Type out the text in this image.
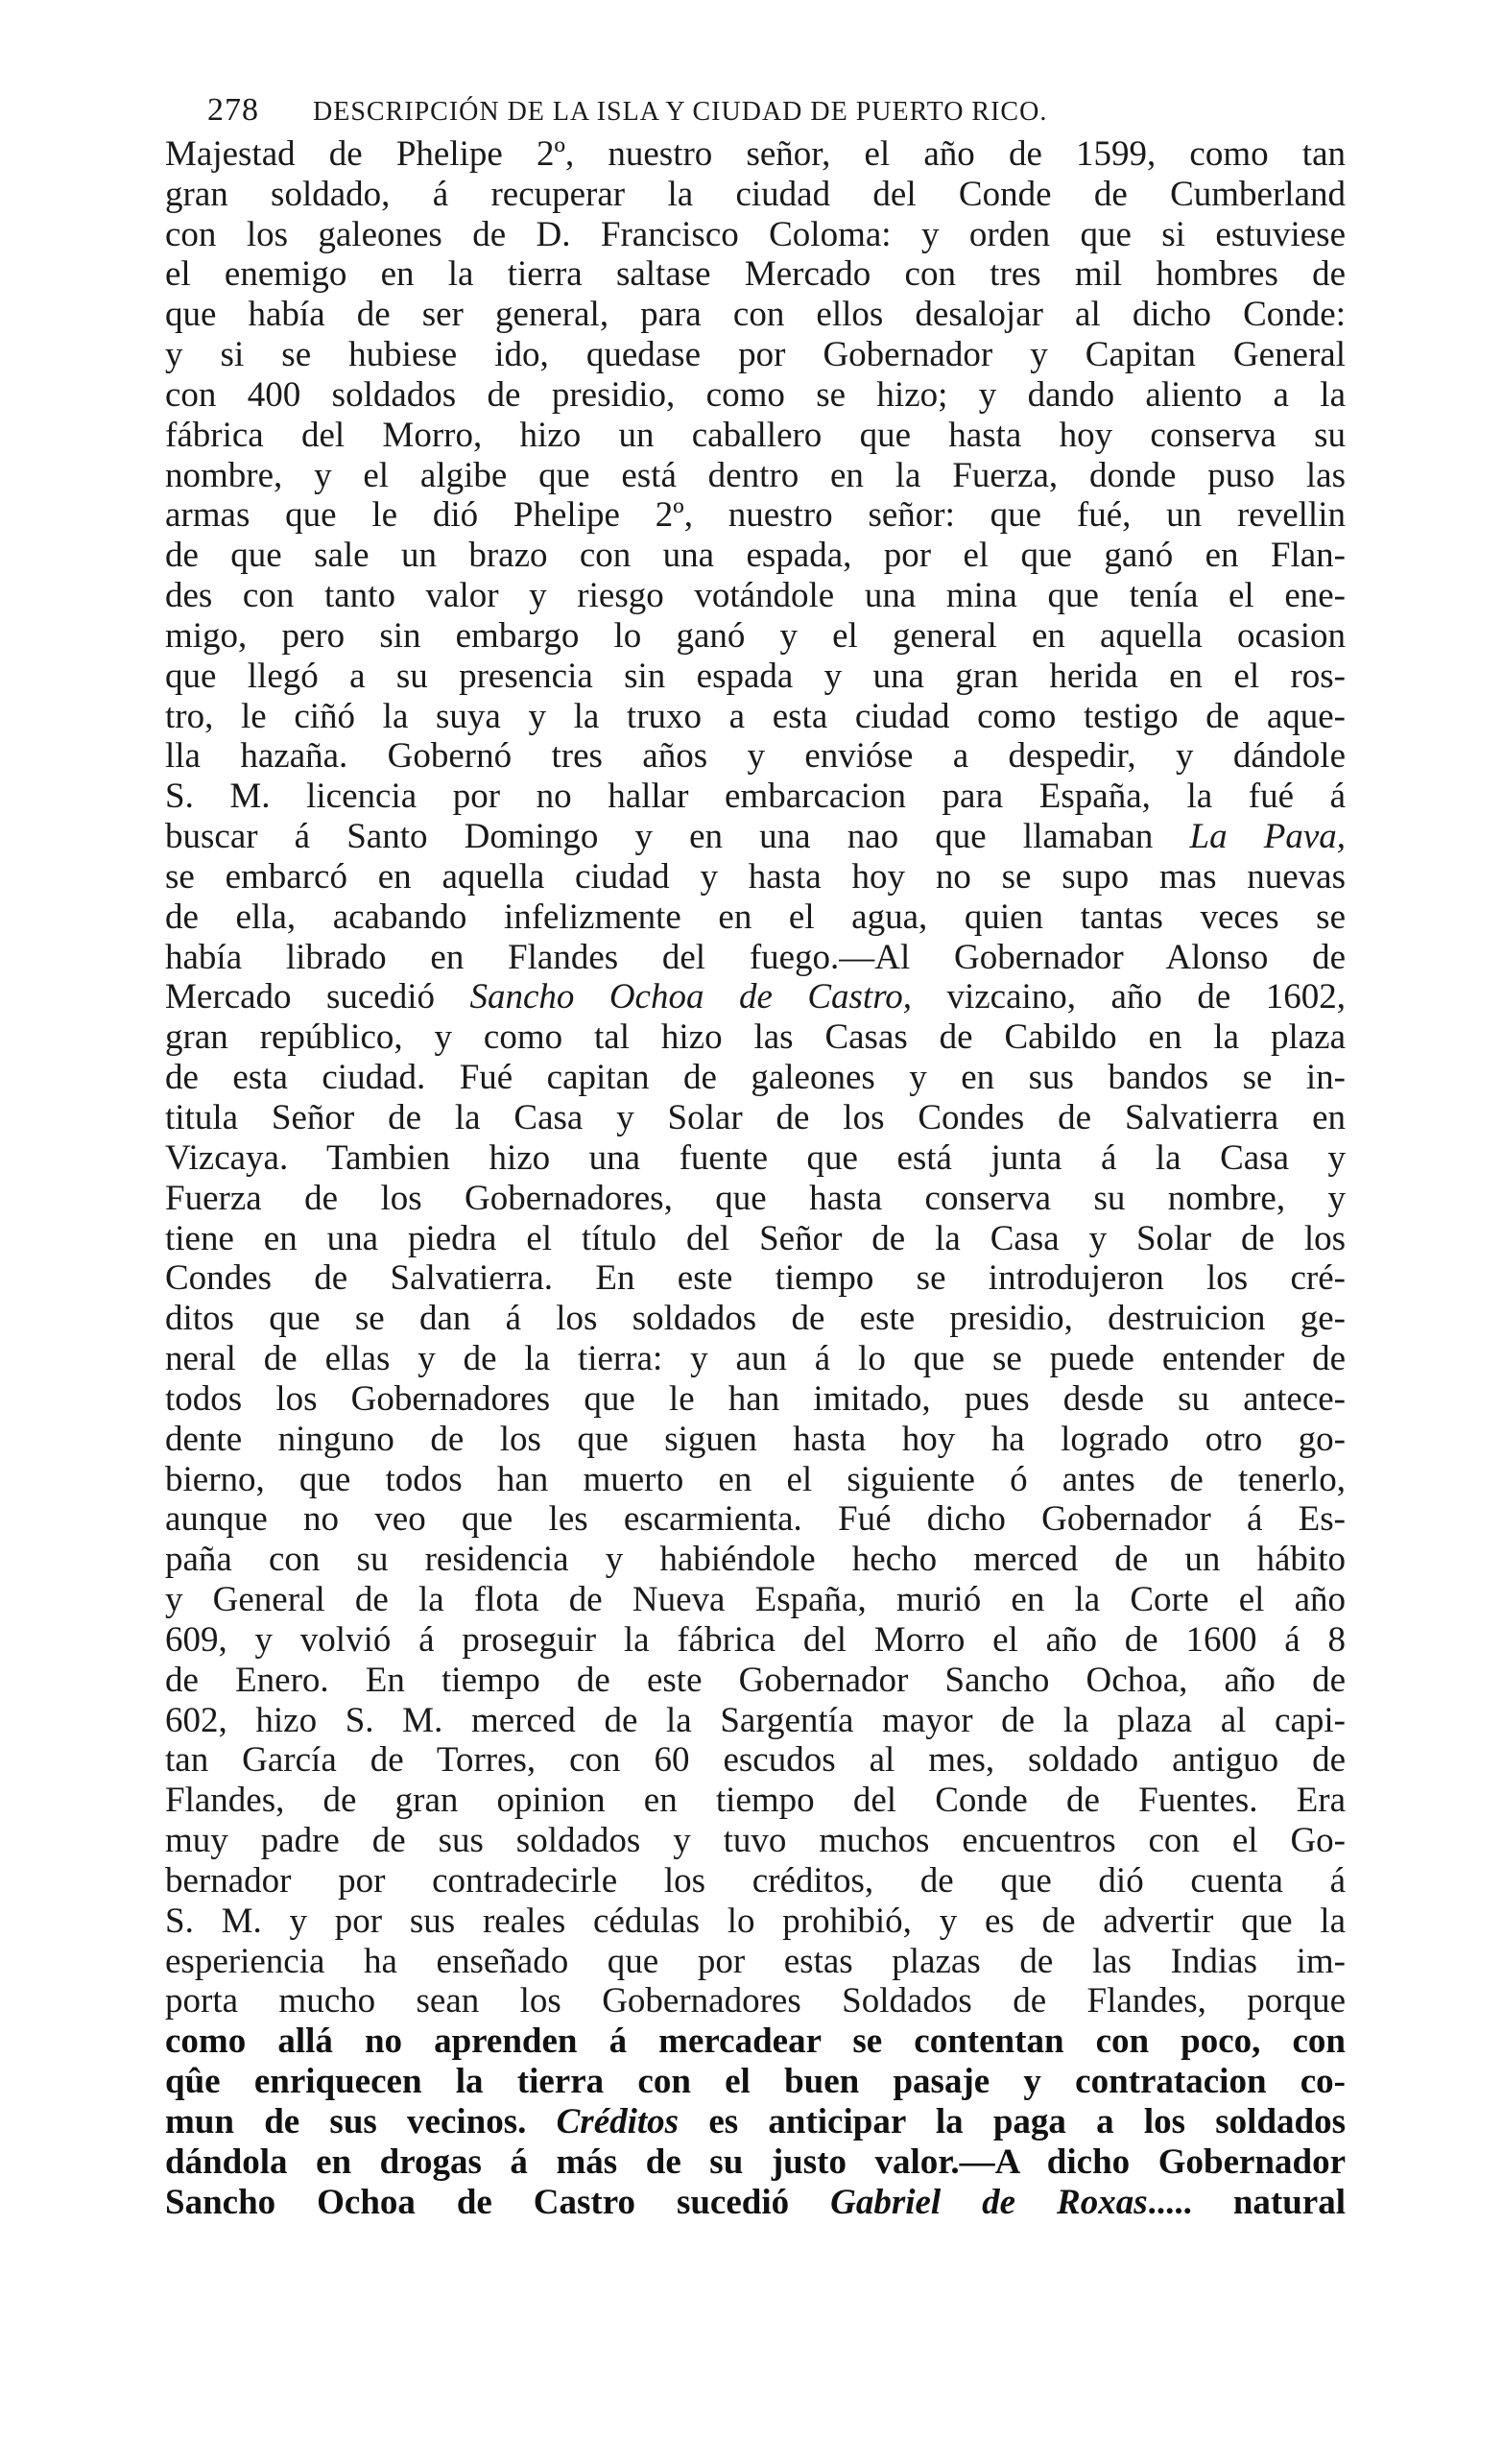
278 DESCRIPCIÓN DE LA ISLA Y CIUDAD DE PUERTO RICO.
Majestad de Phelipe 2º, nuestro señor, el año de 1599, como tan
gran soldado, á recuperar la ciudad del Conde de Cumberland
con los galeones de D. Francisco Coloma: y orden que si estuviese
el enemigo en la tierra saltase Mercado con tres mil hombres de
que había de ser general, para con ellos desalojar al dicho Conde:
y si se hubiese ido, quedase por Gobernador y Capitan General
con 400 soldados de presidio, como se hizo; y dando aliento a la
fábrica del Morro, hizo un caballero que hasta hoy conserva su
nombre, y el algibe que está dentro en la Fuerza, donde puso las
armas que le dió Phelipe 2º, nuestro señor: que fué, un revellin
de que sale un brazo con una espada, por el que ganó en Flan-
des con tanto valor y riesgo votándole una mina que tenía el ene-
migo, pero sin embargo lo ganó y el general en aquella ocasion
que llegó a su presencia sin espada y una gran herida en el ros-
tro, le ciñó la suya y la truxo a esta ciudad como testigo de aque-
lla hazaña. Gobernó tres años y envióse a despedir, y dándole
S. M. licencia por no hallar embarcacion para España, la fué á
buscar á Santo Domingo y en una nao que llamaban La Pava,
se embarcó en aquella ciudad y hasta hoy no se supo mas nuevas
de ella, acabando infelizmente en el agua, quien tantas veces se
había librado en Flandes del fuego.—Al Gobernador Alonso de
Mercado sucedió Sancho Ochoa de Castro, vizcaino, año de 1602,
gran repúblico, y como tal hizo las Casas de Cabildo en la plaza
de esta ciudad. Fué capitan de galeones y en sus bandos se in-
titula Señor de la Casa y Solar de los Condes de Salvatierra en
Vizcaya. Tambien hizo una fuente que está junta á la Casa y
Fuerza de los Gobernadores, que hasta conserva su nombre, y
tiene en una piedra el título del Señor de la Casa y Solar de los
Condes de Salvatierra. En este tiempo se introdujeron los cré-
ditos que se dan á los soldados de este presidio, destruicion ge-
neral de ellas y de la tierra: y aun á lo que se puede entender de
todos los Gobernadores que le han imitado, pues desde su antece-
dente ninguno de los que siguen hasta hoy ha logrado otro go-
bierno, que todos han muerto en el siguiente ó antes de tenerlo,
aunque no veo que les escarmienta. Fué dicho Gobernador á Es-
paña con su residencia y habiéndole hecho merced de un hábito
y General de la flota de Nueva España, murió en la Corte el año
609, y volvió á proseguir la fábrica del Morro el año de 1600 á 8
de Enero. En tiempo de este Gobernador Sancho Ochoa, año de
602, hizo S. M. merced de la Sargentía mayor de la plaza al capi-
tan García de Torres, con 60 escudos al mes, soldado antiguo de
Flandes, de gran opinion en tiempo del Conde de Fuentes. Era
muy padre de sus soldados y tuvo muchos encuentros con el Go-
bernador por contradecirle los créditos, de que dió cuenta á
S. M. y por sus reales cédulas lo prohibió, y es de advertir que la
esperiencia ha enseñado que por estas plazas de las Indias im-
porta mucho sean los Gobernadores Soldados de Flandes, porque
como allá no aprenden á mercadear se contentan con poco, con
qûe enriquecen la tierra con el buen pasaje y contratacion co-
mun de sus vecinos. Créditos es anticipar la paga a los soldados
dándola en drogas á más de su justo valor.—A dicho Gobernador
Sancho Ochoa de Castro sucedió Gabriel de Roxas..... natural
